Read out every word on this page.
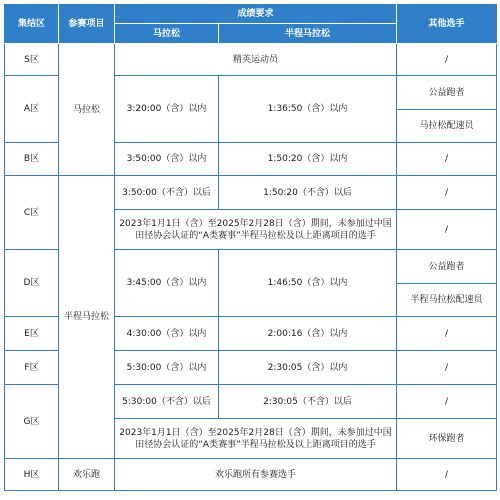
集结区	参赛项目	成绩要求		其他选手
		马拉松	半程马拉松	
S区	马拉松	精英运动员		/
A区		3:20:00（含）以内	1:36:50（含）以内	公益跑者
				马拉松配速员
B区		3:50:00（含）以内	1:50:20（含）以内	/
C区	半程马拉松	3:50:00（不含）以后	1:50:20（不含）以后	/
		2023年1月1日（含）至2025年2月28日（含）期间，未参加过中国田径协会认证的“A类赛事”半程马拉松及以上距离项目的选手		/
D区		3:45:00（含）以内	1:46:50（含）以内	公益跑者
				半程马拉松配速员
E区		4:30:00（含）以内	2:00:16（含）以内	/
F区		5:30:00（含）以内	2:30:05（含）以内	/
G区		5:30:00（不含）以后	2:30:05（不含）以后	/
		2023年1月1日（含）至2025年2月28日（含）期间，未参加过中国田径协会认证的“A类赛事”半程马拉松及以上距离项目的选手		环保跑者
H区	欢乐跑	欢乐跑所有参赛选手		/
